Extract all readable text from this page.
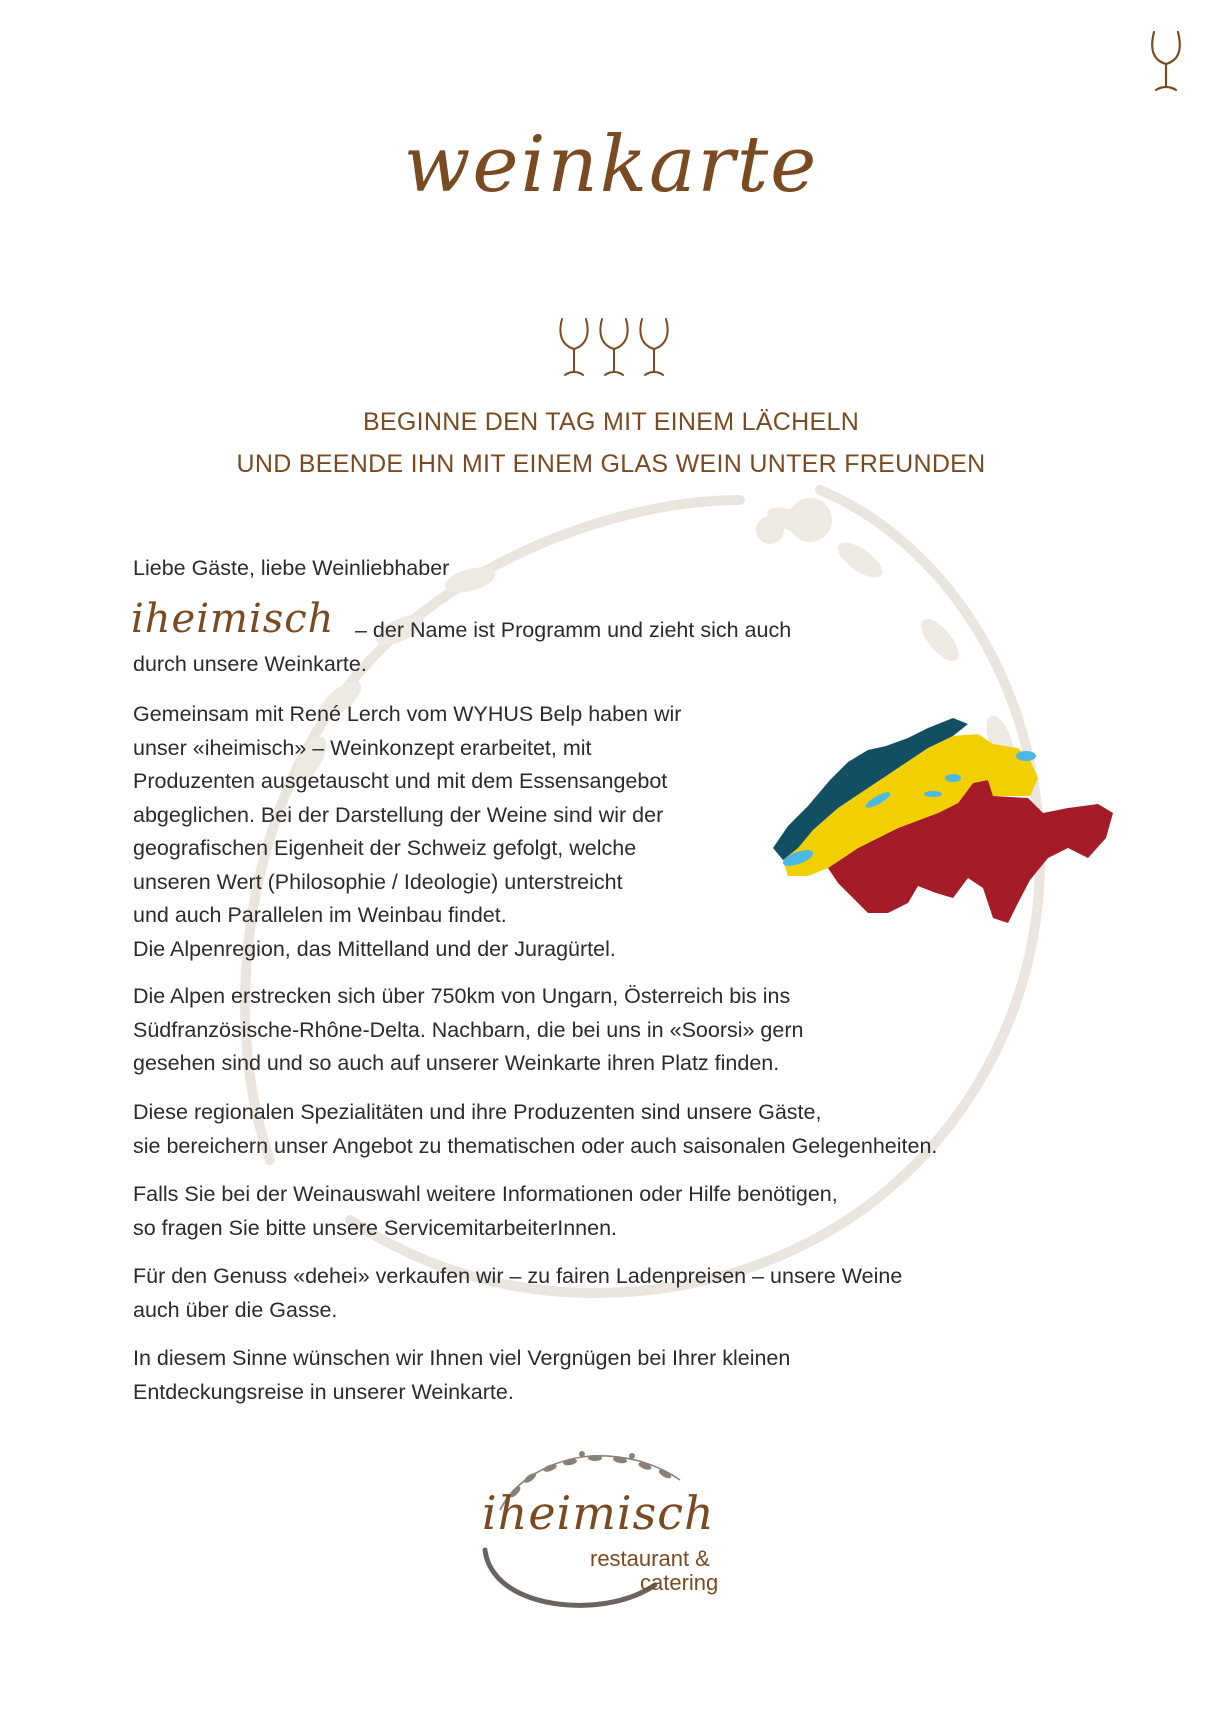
weinkarte
BEGINNE DEN TAG MIT EINEM LÄCHELN
UND BEENDE IHN MIT EINEM GLAS WEIN UNTER FREUNDEN
Liebe Gäste, liebe Weinliebhaber
iheimisch – der Name ist Programm und zieht sich auch
durch unsere Weinkarte.
Gemeinsam mit René Lerch vom WYHUS Belp haben wir
unser «iheimisch» – Weinkonzept erarbeitet, mit
Produzenten ausgetauscht und mit dem Essensangebot
abgeglichen. Bei der Darstellung der Weine sind wir der
geografischen Eigenheit der Schweiz gefolgt, welche
unseren Wert (Philosophie / Ideologie) unterstreicht
und auch Parallelen im Weinbau findet.
Die Alpenregion, das Mittelland und der Juragürtel.
Die Alpen erstrecken sich über 750km von Ungarn, Österreich bis ins
Südfranzösische-Rhône-Delta. Nachbarn, die bei uns in «Soorsi» gern
gesehen sind und so auch auf unserer Weinkarte ihren Platz finden.
Diese regionalen Spezialitäten und ihre Produzenten sind unsere Gäste,
sie bereichern unser Angebot zu thematischen oder auch saisonalen Gelegenheiten.
Falls Sie bei der Weinauswahl weitere Informationen oder Hilfe benötigen,
so fragen Sie bitte unsere ServicemitarbeiterInnen.
Für den Genuss «dehei» verkaufen wir – zu fairen Ladenpreisen – unsere Weine
auch über die Gasse.
In diesem Sinne wünschen wir Ihnen viel Vergnügen bei Ihrer kleinen
Entdeckungsreise in unserer Weinkarte.
iheimisch
restaurant &
catering
